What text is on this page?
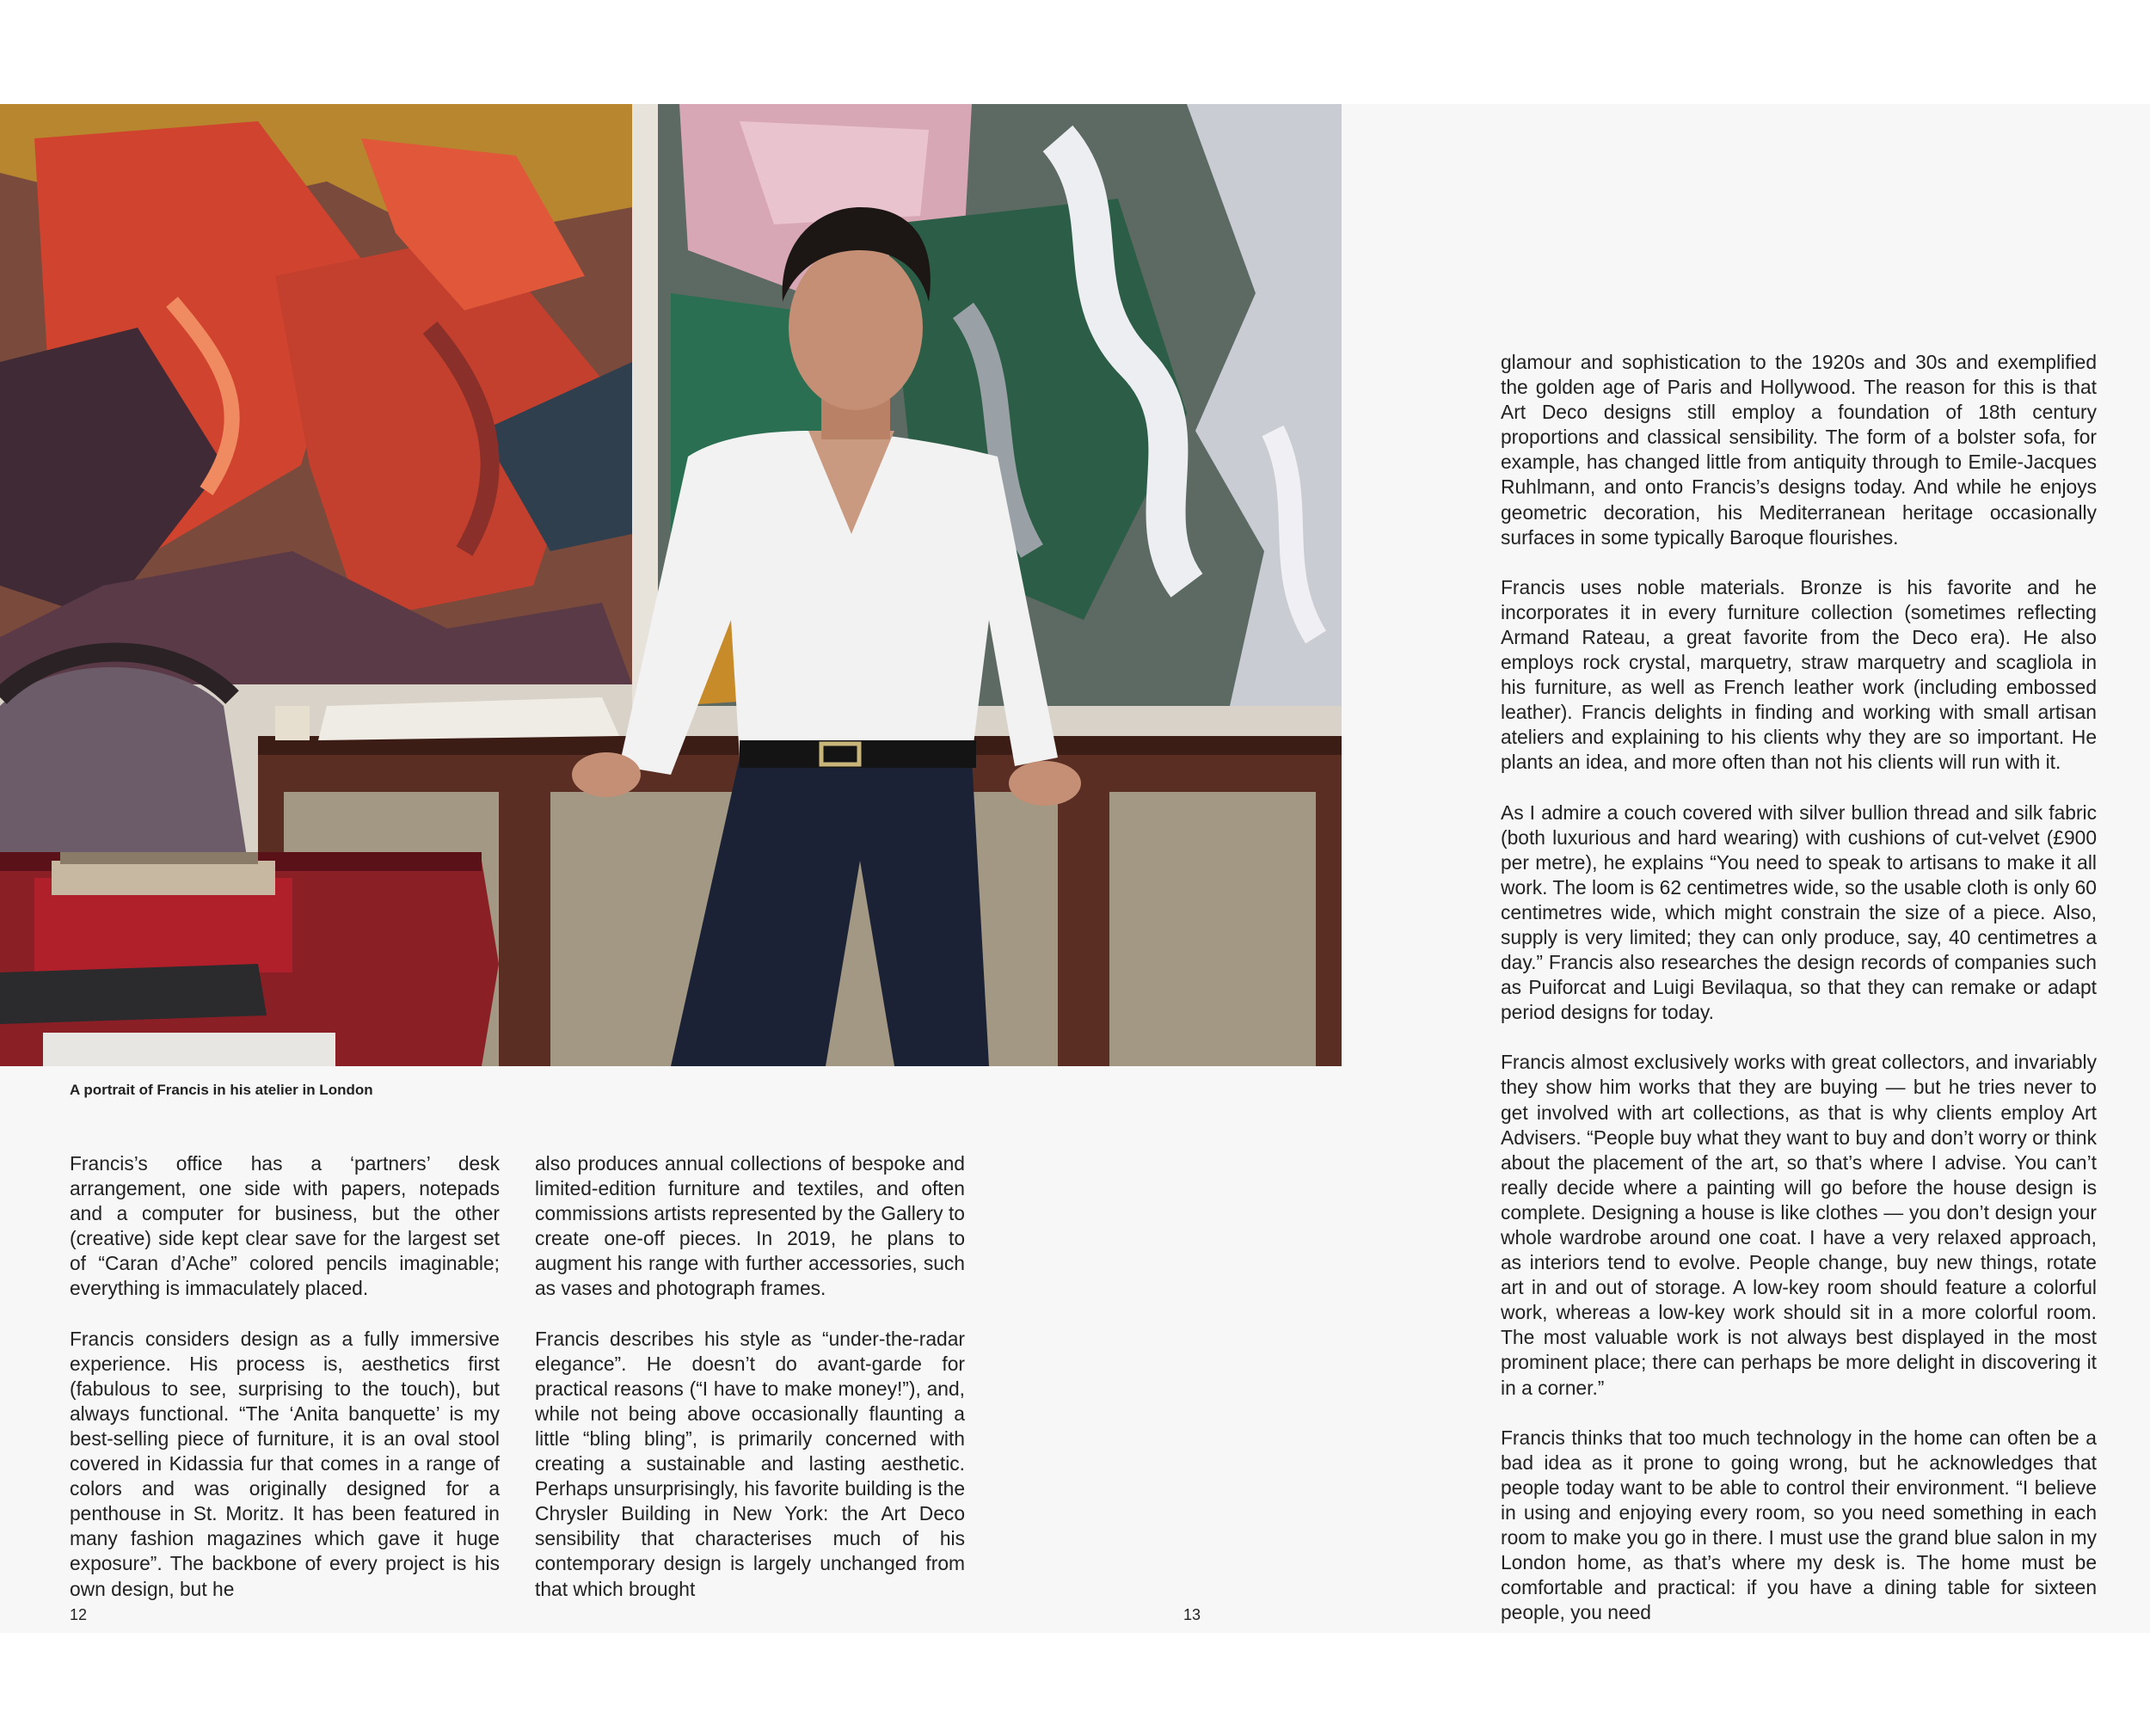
A portrait of Francis in his atelier in London

Francis’s office has a ‘partners’ desk arrangement, one side with papers, notepads and a computer for business, but the other (creative) side kept clear save for the largest set of “Caran d’Ache” colored pencils imaginable; everything is immaculately placed.

Francis considers design as a fully immersive experience. His process is, aesthetics first (fabulous to see, surprising to the touch), but always functional. “The ‘Anita banquette’ is my best-selling piece of furniture, it is an oval stool covered in Kidassia fur that comes in a range of colors and was originally designed for a penthouse in St. Moritz. It has been featured in many fashion magazines which gave it huge exposure”. The backbone of every project is his own design, but he

also produces annual collections of bespoke and limited-edition furniture and textiles, and often commissions artists represented by the Gallery to create one-off pieces. In 2019, he plans to augment his range with further accessories, such as vases and photograph frames.

Francis describes his style as “under-the-radar elegance”. He doesn’t do avant-garde for practical reasons (“I have to make money!”), and, while not being above occasionally flaunting a little “bling bling”, is primarily concerned with creating a sustainable and lasting aesthetic. Perhaps unsurprisingly, his favorite building is the Chrysler Building in New York: the Art Deco sensibility that characterises much of his contemporary design is largely unchanged from that which brought

glamour and sophistication to the 1920s and 30s and exemplified the golden age of Paris and Hollywood. The reason for this is that Art Deco designs still employ a foundation of 18th century proportions and classical sensibility. The form of a bolster sofa, for example, has changed little from antiquity through to Emile-Jacques Ruhlmann, and onto Francis’s designs today. And while he enjoys geometric decoration, his Mediterranean heritage occasionally surfaces in some typically Baroque flourishes.

Francis uses noble materials. Bronze is his favorite and he incorporates it in every furniture collection (sometimes reflecting Armand Rateau, a great favorite from the Deco era). He also employs rock crystal, marquetry, straw marquetry and scagliola in his furniture, as well as French leather work (including embossed leather). Francis delights in finding and working with small artisan ateliers and explaining to his clients why they are so important. He plants an idea, and more often than not his clients will run with it.

As I admire a couch covered with silver bullion thread and silk fabric (both luxurious and hard wearing) with cushions of cut-velvet (£900 per metre), he explains “You need to speak to artisans to make it all work. The loom is 62 centimetres wide, so the usable cloth is only 60 centimetres wide, which might constrain the size of a piece. Also, supply is very limited; they can only produce, say, 40 centimetres a day.” Francis also researches the design records of companies such as Puiforcat and Luigi Bevilaqua, so that they can remake or adapt period designs for today.

Francis almost exclusively works with great collectors, and invariably they show him works that they are buying — but he tries never to get involved with art collections, as that is why clients employ Art Advisers. “People buy what they want to buy and don’t worry or think about the placement of the art, so that’s where I advise. You can’t really decide where a painting will go before the house design is complete. Designing a house is like clothes — you don’t design your whole wardrobe around one coat. I have a very relaxed approach, as interiors tend to evolve. People change, buy new things, rotate art in and out of storage. A low-key room should feature a colorful work, whereas a low-key work should sit in a more colorful room. The most valuable work is not always best displayed in the most prominent place; there can perhaps be more delight in discovering it in a corner.”

Francis thinks that too much technology in the home can often be a bad idea as it prone to going wrong, but he acknowledges that people today want to be able to control their environment. “I believe in using and enjoying every room, so you need something in each room to make you go in there. I must use the grand blue salon in my London home, as that’s where my desk is. The home must be comfortable and practical: if you have a dining table for sixteen people, you need

12	13
